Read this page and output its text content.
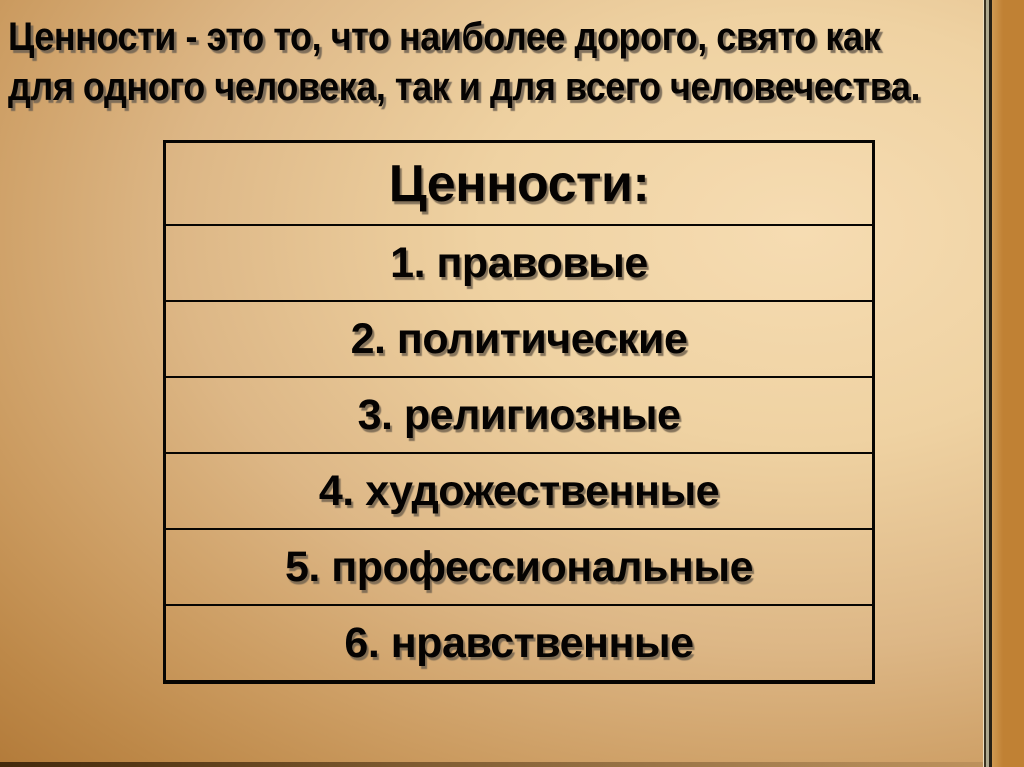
Ценности - это то, что наиболее дорого, свято как
для одного человека, так и для всего человечества.
Ценности:
1. правовые
2. политические
3. религиозные
4. художественные
5. профессиональные
6. нравственные
